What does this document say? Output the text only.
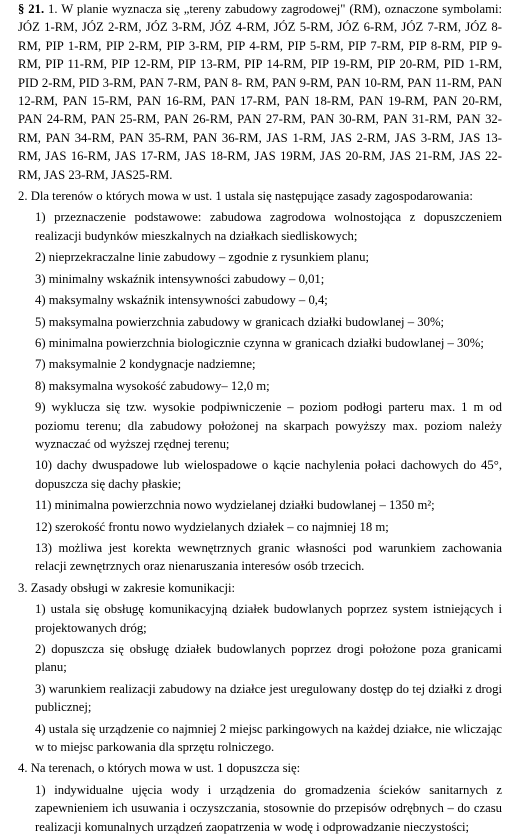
§ 21. 1. W planie wyznacza się „tereny zabudowy zagrodowej" (RM), oznaczone symbolami: JÓZ 1-RM, JÓZ 2-RM, JÓZ 3-RM, JÓZ 4-RM, JÓZ 5-RM, JÓZ 6-RM, JÓZ 7-RM, JÓZ 8-RM, PIP 1-RM, PIP 2-RM, PIP 3-RM, PIP 4-RM, PIP 5-RM, PIP 7-RM, PIP 8-RM, PIP 9-RM, PIP 11-RM, PIP 12-RM, PIP 13-RM, PIP 14-RM, PIP 19-RM, PIP 20-RM, PID 1-RM, PID 2-RM, PID 3-RM, PAN 7-RM, PAN 8- RM, PAN 9-RM, PAN 10-RM, PAN 11-RM, PAN 12-RM, PAN 15-RM, PAN 16-RM, PAN 17-RM, PAN 18-RM, PAN 19-RM, PAN 20-RM, PAN 24-RM, PAN 25-RM, PAN 26-RM, PAN 27-RM, PAN 30-RM, PAN 31-RM, PAN 32-RM, PAN 34-RM, PAN 35-RM, PAN 36-RM, JAS 1-RM, JAS 2-RM, JAS 3-RM, JAS 13-RM, JAS 16-RM, JAS 17-RM, JAS 18-RM, JAS 19RM, JAS 20-RM, JAS 21-RM, JAS 22-RM, JAS 23-RM, JAS25-RM.

2. Dla terenów o których mowa w ust. 1 ustala się następujące zasady zagospodarowania:

1) przeznaczenie podstawowe: zabudowa zagrodowa wolnostojąca z dopuszczeniem realizacji budynków mieszkalnych na działkach siedliskowych;

2) nieprzekraczalne linie zabudowy – zgodnie z rysunkiem planu;

3) minimalny wskaźnik intensywności zabudowy – 0,01;

4) maksymalny wskaźnik intensywności zabudowy – 0,4;

5) maksymalna powierzchnia zabudowy w granicach działki budowlanej – 30%;

6) minimalna powierzchnia biologicznie czynna w granicach działki budowlanej – 30%;

7) maksymalnie 2 kondygnacje nadziemne;

8) maksymalna wysokość zabudowy– 12,0 m;

9) wyklucza się tzw. wysokie podpiwniczenie – poziom podłogi parteru max. 1 m od poziomu terenu; dla zabudowy położonej na skarpach powyższy max. poziom należy wyznaczać od wyższej rzędnej terenu;

10) dachy dwuspadowe lub wielospadowe o kącie nachylenia połaci dachowych do 45°, dopuszcza się dachy płaskie;

11) minimalna powierzchnia nowo wydzielanej działki budowlanej – 1350 m²;

12) szerokość frontu nowo wydzielanych działek – co najmniej 18 m;

13) możliwa jest korekta wewnętrznych granic własności pod warunkiem zachowania relacji zewnętrznych oraz nienaruszania interesów osób trzecich.

3. Zasady obsługi w zakresie komunikacji:

1) ustala się obsługę komunikacyjną działek budowlanych poprzez system istniejących i projektowanych dróg;

2) dopuszcza się obsługę działek budowlanych poprzez drogi położone poza granicami planu;

3) warunkiem realizacji zabudowy na działce jest uregulowany dostęp do tej działki z drogi publicznej;

4) ustala się urządzenie co najmniej 2 miejsc parkingowych na każdej działce, nie wliczając w to miejsc parkowania dla sprzętu rolniczego.

4. Na terenach, o których mowa w ust. 1 dopuszcza się:

1) indywidualne ujęcia wody i urządzenia do gromadzenia ścieków sanitarnych z zapewnieniem ich usuwania i oczyszczania, stosownie do przepisów odrębnych – do czasu realizacji komunalnych urządzeń zaopatrzenia w wodę i odprowadzanie nieczystości;
